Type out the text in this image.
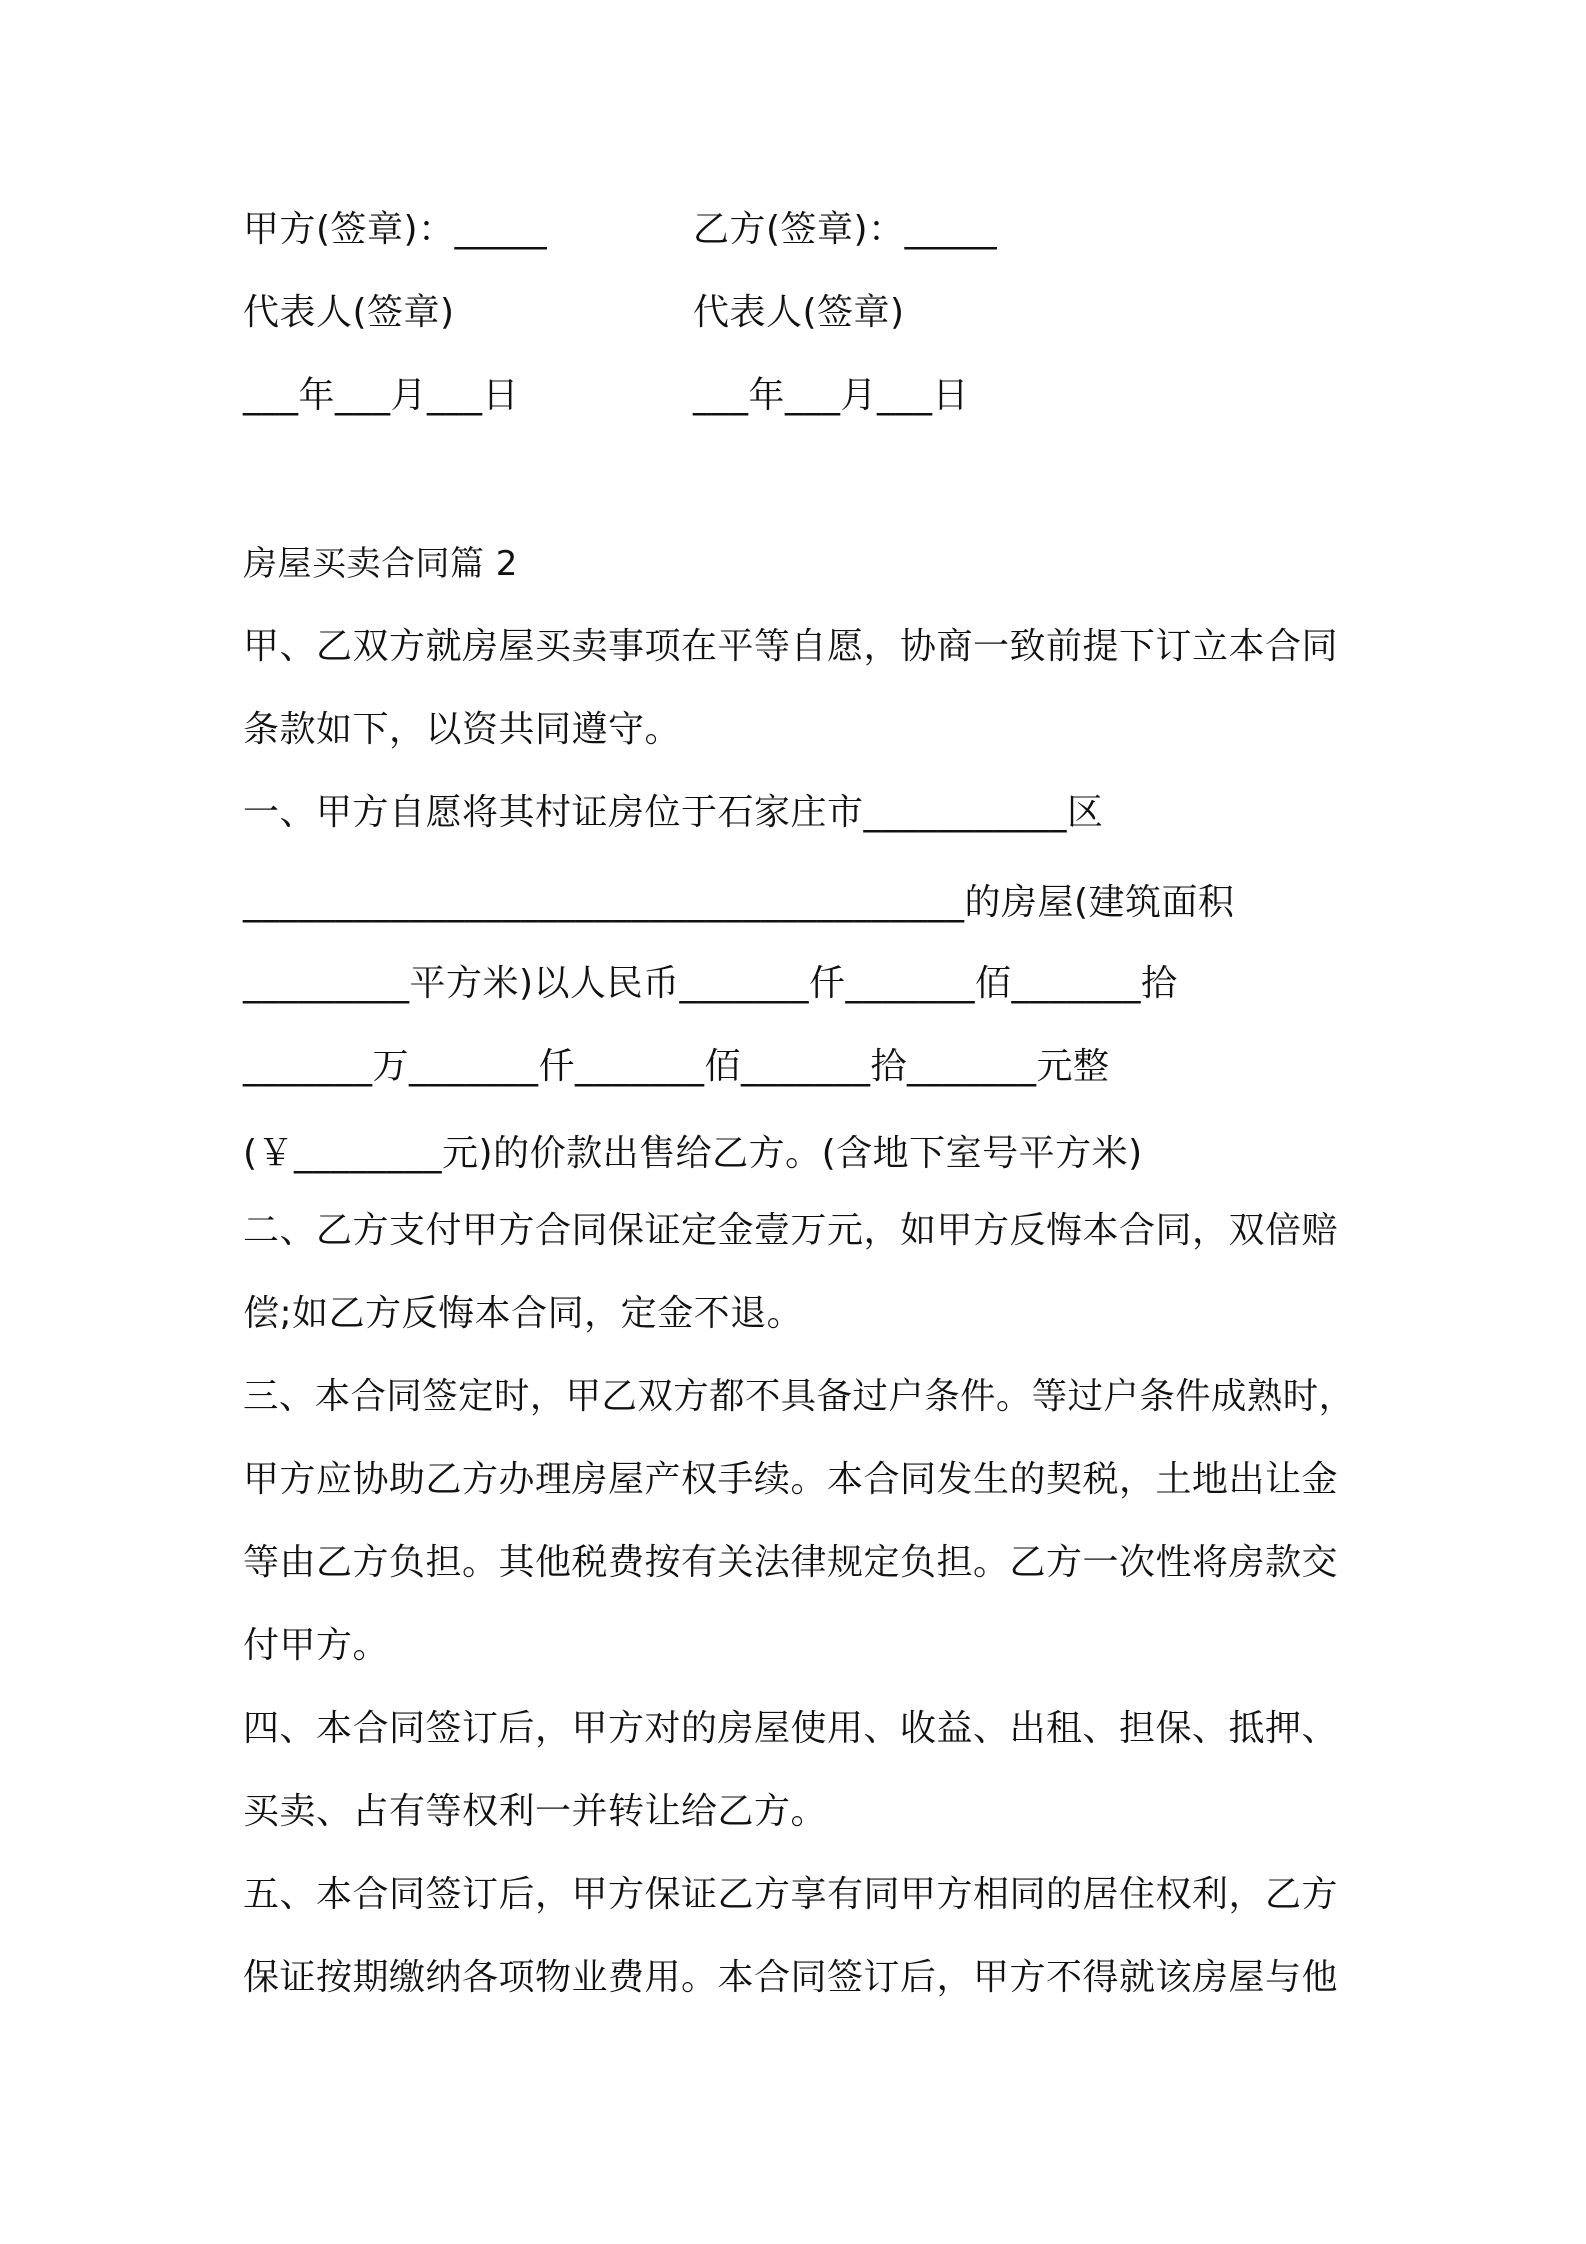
甲方(签章)：_____	乙方(签章)：_____
代表人(签章)	代表人(签章)
___年___月___日	___年___月___日
房屋买卖合同篇 2
甲、乙双方就房屋买卖事项在平等自愿，协商一致前提下订立本合同
条款如下，以资共同遵守。
一、甲方自愿将其村证房位于石家庄市___________区
_______________________________________的房屋(建筑面积
_________平方米)以人民币_______仟_______佰_______拾
_______万_______仟_______佰_______拾_______元整
(￥________元)的价款出售给乙方。(含地下室号平方米)
二、乙方支付甲方合同保证定金壹万元，如甲方反悔本合同，双倍赔
偿;如乙方反悔本合同，定金不退。
三、本合同签定时，甲乙双方都不具备过户条件。等过户条件成熟时，
甲方应协助乙方办理房屋产权手续。本合同发生的契税，土地出让金
等由乙方负担。其他税费按有关法律规定负担。乙方一次性将房款交
付甲方。
四、本合同签订后，甲方对的房屋使用、收益、出租、担保、抵押、
买卖、占有等权利一并转让给乙方。
五、本合同签订后，甲方保证乙方享有同甲方相同的居住权利，乙方
保证按期缴纳各项物业费用。本合同签订后，甲方不得就该房屋与他
